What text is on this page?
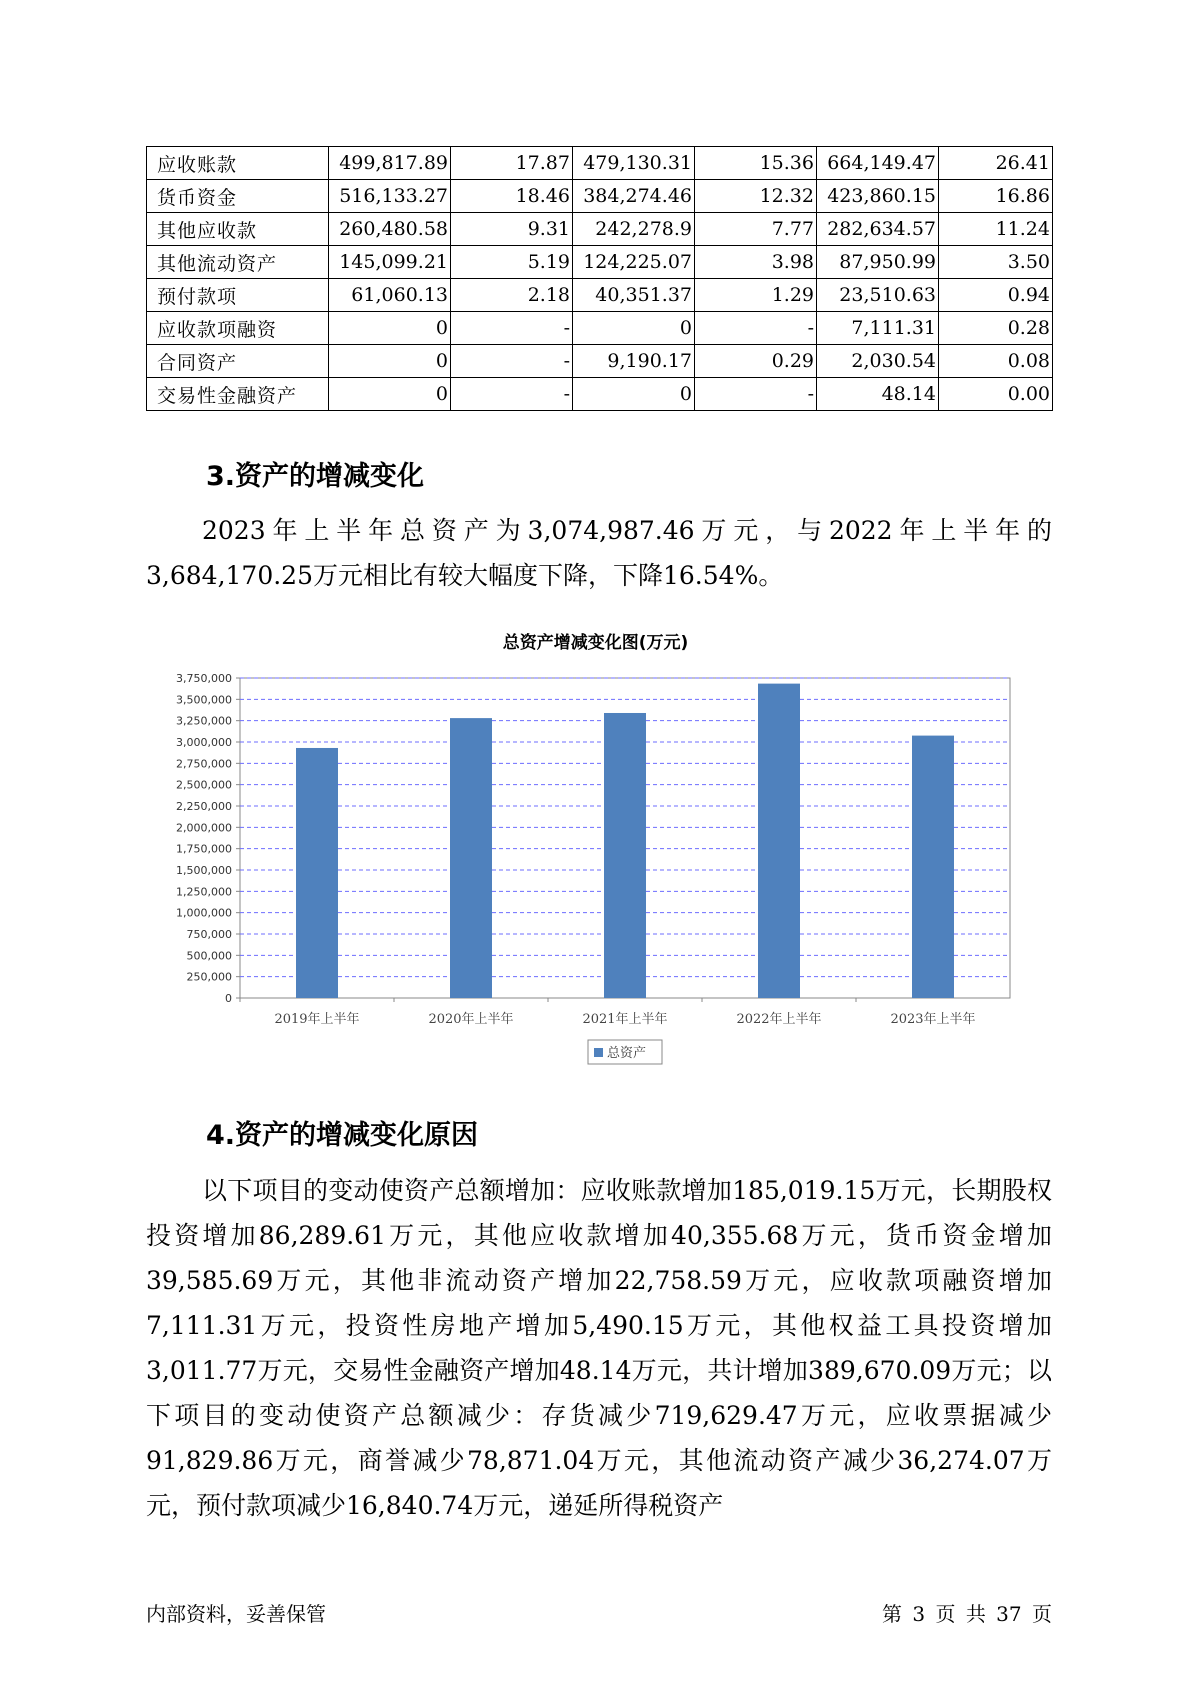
应收账款	499,817.89	17.87	479,130.31	15.36	664,149.47	26.41
货币资金	516,133.27	18.46	384,274.46	12.32	423,860.15	16.86
其他应收款	260,480.58	9.31	242,278.9	7.77	282,634.57	11.24
其他流动资产	145,099.21	5.19	124,225.07	3.98	87,950.99	3.50
预付款项	61,060.13	2.18	40,351.37	1.29	23,510.63	0.94
应收款项融资	0	-	0	-	7,111.31	0.28
合同资产	0	-	9,190.17	0.29	2,030.54	0.08
交易性金融资产	0	-	0	-	48.14	0.00
3.资产的增减变化
2023年上半年总资产为3,074,987.46万元，与2022年上半年的3,684,170.25万元相比有较大幅度下降，下降16.54%。
总资产增减变化图(万元)
0
250,000
500,000
750,000
1,000,000
1,250,000
1,500,000
1,750,000
2,000,000
2,250,000
2,500,000
2,750,000
3,000,000
3,250,000
3,500,000
3,750,000
2019年上半年	2020年上半年	2021年上半年	2022年上半年	2023年上半年
总资产
4.资产的增减变化原因
以下项目的变动使资产总额增加：应收账款增加185,019.15万元，长期股权投资增加86,289.61万元，其他应收款增加40,355.68万元，货币资金增加39,585.69万元，其他非流动资产增加22,758.59万元，应收款项融资增加7,111.31万元，投资性房地产增加5,490.15万元，其他权益工具投资增加3,011.77万元，交易性金融资产增加48.14万元，共计增加389,670.09万元；以下项目的变动使资产总额减少：存货减少719,629.47万元，应收票据减少91,829.86万元，商誉减少78,871.04万元，其他流动资产减少36,274.07万元，预付款项减少16,840.74万元，递延所得税资产
内部资料，妥善保管	第 3 页 共 37 页
